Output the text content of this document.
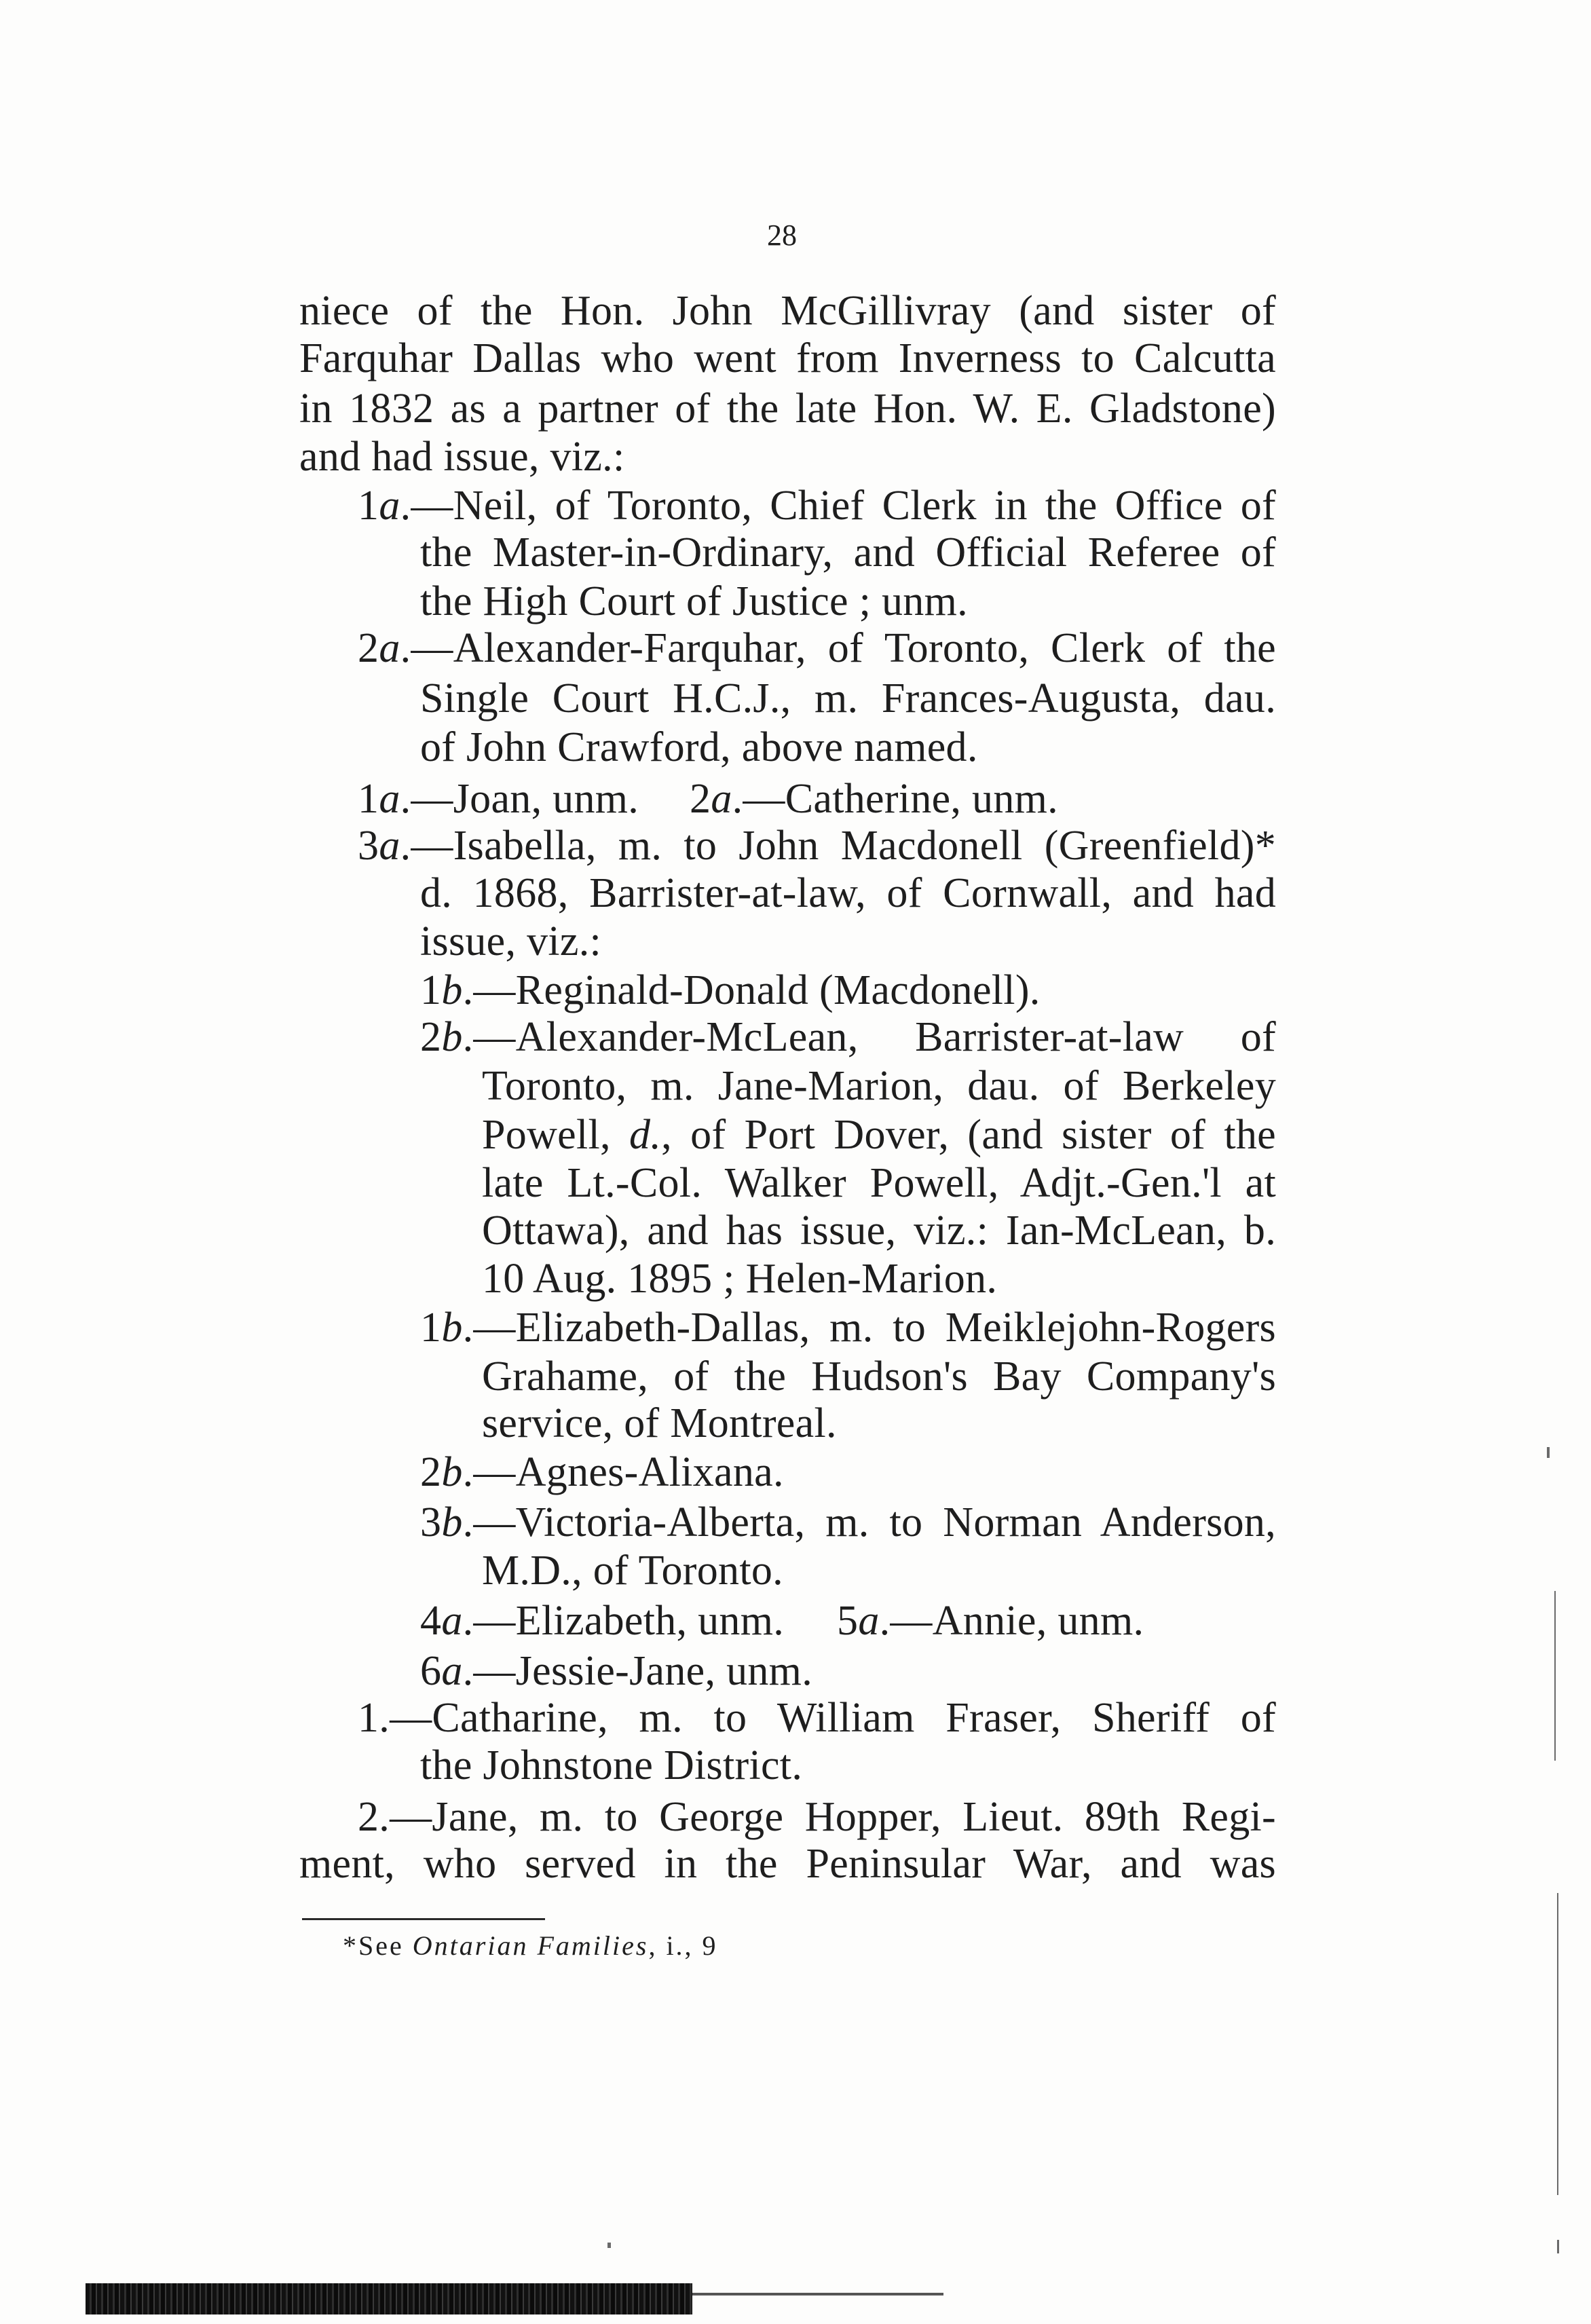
28
niece of the Hon. John McGillivray (and sister of
Farquhar Dallas who went from Inverness to Calcutta
in 1832 as a partner of the late Hon. W. E. Gladstone)
and had issue, viz.:
1a.—Neil, of Toronto, Chief Clerk in the Office of
the Master-in-Ordinary, and Official Referee of
the High Court of Justice ; unm.
2a.—Alexander-Farquhar, of Toronto, Clerk of the
Single Court H.C.J., m. Frances-Augusta, dau.
of John Crawford, above named.
1a.—Joan, unm.	2a.—Catherine, unm.
3a.—Isabella, m. to John Macdonell (Greenfield)*
d. 1868, Barrister-at-law, of Cornwall, and had
issue, viz.:
1b.—Reginald-Donald (Macdonell).
2b.—Alexander-McLean, Barrister-at-law of
Toronto, m. Jane-Marion, dau. of Berkeley
Powell, d., of Port Dover, (and sister of the
late Lt.-Col. Walker Powell, Adjt.-Gen.'l at
Ottawa), and has issue, viz.: Ian-McLean, b.
10 Aug. 1895 ; Helen-Marion.
1b.—Elizabeth-Dallas, m. to Meiklejohn-Rogers
Grahame, of the Hudson's Bay Company's
service, of Montreal.
2b.—Agnes-Alixana.
3b.—Victoria-Alberta, m. to Norman Anderson,
M.D., of Toronto.
4a.—Elizabeth, unm.	5a.—Annie, unm.
6a.—Jessie-Jane, unm.
1.—Catharine, m. to William Fraser, Sheriff of
the Johnstone District.
2.—Jane, m. to George Hopper, Lieut. 89th Regi-
ment, who served in the Peninsular War, and was
*See Ontarian Families, i., 9
